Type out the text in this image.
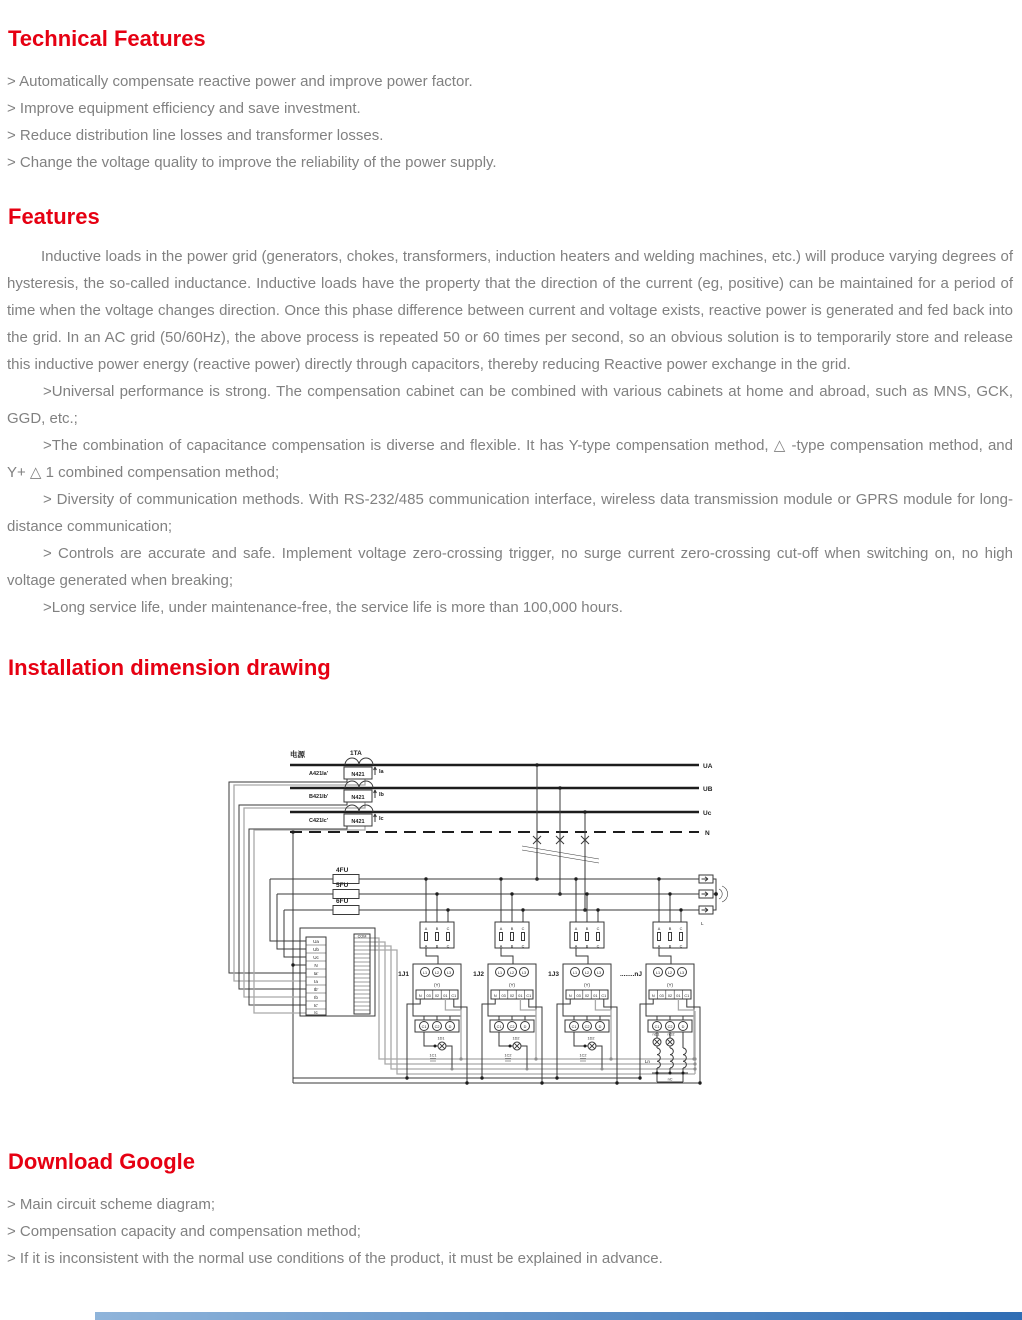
Technical Features

> Automatically compensate reactive power and improve power factor.

> Improve equipment efficiency and save investment.

> Reduce distribution line losses and transformer losses.

> Change the voltage quality to improve the reliability of the power supply.

Features

Inductive loads in the power grid (generators, chokes, transformers, induction heaters and welding machines, etc.) will produce varying degrees of hysteresis, the so-called inductance. Inductive loads have the property that the direction of the current (eg, positive) can be maintained for a period of time when the voltage changes direction. Once this phase difference between current and voltage exists, reactive power is generated and fed back into the grid. In an AC grid (50/60Hz), the above process is repeated 50 or 60 times per second, so an obvious solution is to temporarily store and release this inductive power energy (reactive power) directly through capacitors, thereby reducing Reactive power exchange in the grid.

>Universal performance is strong. The compensation cabinet can be combined with various cabinets at home and abroad, such as MNS, GCK, GGD, etc.;

>The combination of capacitance compensation is diverse and flexible. It has Y-type compensation method, △ -type compensation method, and Y+ △ 1 combined compensation method;

> Diversity of communication methods. With RS-232/485 communication interface, wireless data transmission module or GPRS module for long-distance communication;

> Controls are accurate and safe. Implement voltage zero-crossing trigger, no surge current zero-crossing cut-off when switching on, no high voltage generated when breaking;

>Long service life, under maintenance-free, the service life is more than 100,000 hours.

Installation dimension drawing
A421Ia'	N421	Ia
UA
B421Ib'	N421	Ib
UB
C421Ic'	N421	Ic
Uc
电源	1TA
N
4FU
5FU
6FU
L
Ua
Ub
Uc
N
Ia'
Ia
Ib'
Ib
Ic'
Ic
COM
A B C
A B C
1J1	L1 L2 L3
(Y)
N 03 02 01 C1
C1 C2 D
1D1
1C1
A B C
A B C
1J2	L1 L2 L3
(Y)
N 03 02 01 C1
C1 C2 D
1D2
1C2
A B C
A B C
1J3	L1 L2 L3
(Y)
N 03 02 01 C1
C1 C2 D
1D2
1C2
A B C
A B C
........nJ	L1 L2 L3
(Y)
N 03 02 01 C1
C1 C2 D
nD1 nD2
Ln
nC
Download Google

> Main circuit scheme diagram;

> Compensation capacity and compensation method;

> If it is inconsistent with the normal use conditions of the product, it must be explained in advance.
